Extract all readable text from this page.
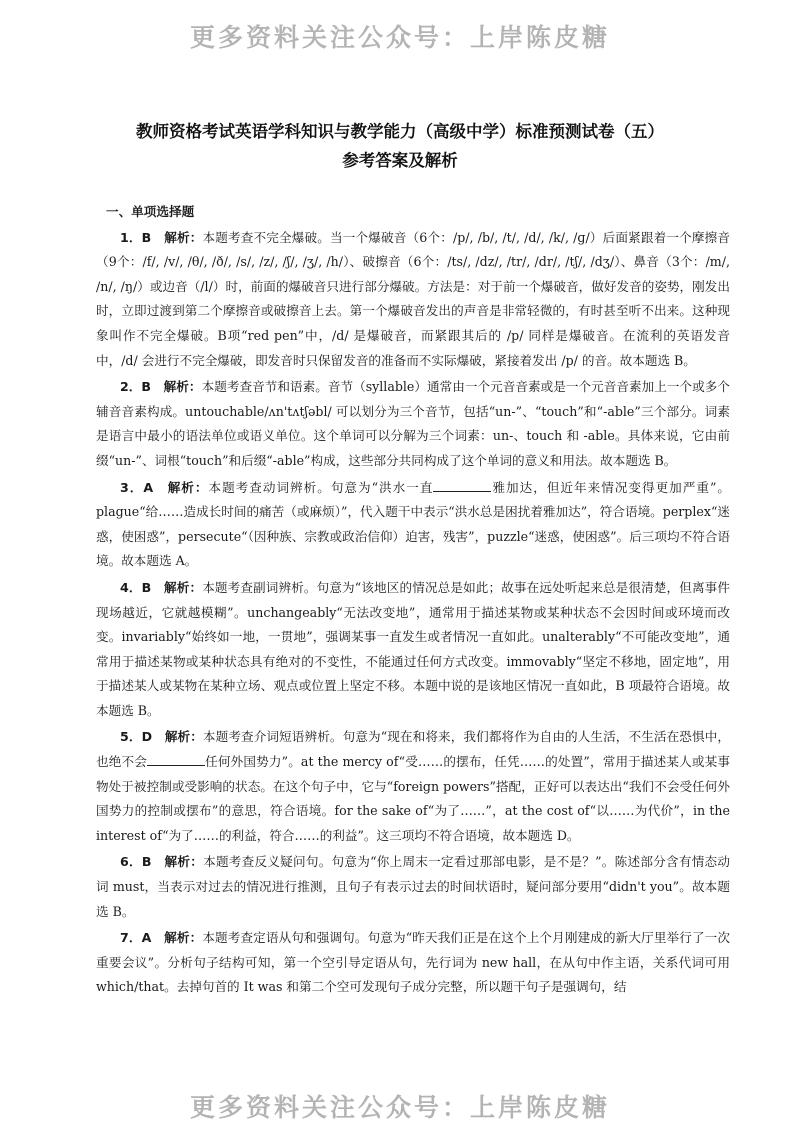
更多资料关注公众号：上岸陈皮糖
教师资格考试英语学科知识与教学能力（高级中学）标准预测试卷（五）
参考答案及解析
一、单项选择题

1．B　解析：本题考查不完全爆破。当一个爆破音（6个：/p/, /b/, /t/, /d/, /k/, /ɡ/）后面紧跟着一个摩擦音（9个：/f/, /v/, /θ/, /ð/, /s/, /z/, /ʃ/, /ʒ/, /h/）、破擦音（6个：/ts/, /dz/, /tr/, /dr/, /tʃ/, /dʒ/）、鼻音（3个：/m/, /n/, /ŋ/）或边音（/l/）时，前面的爆破音只进行部分爆破。方法是：对于前一个爆破音，做好发音的姿势，刚发出时，立即过渡到第二个摩擦音或破擦音上去。第一个爆破音发出的声音是非常轻微的，有时甚至听不出来。这种现象叫作不完全爆破。B项“red pen”中，/d/ 是爆破音，而紧跟其后的 /p/ 同样是爆破音。在流利的英语发音中，/d/ 会进行不完全爆破，即发音时只保留发音的准备而不实际爆破，紧接着发出 /p/ 的音。故本题选 B。

2．B　解析：本题考查音节和语素。音节（syllable）通常由一个元音音素或是一个元音音素加上一个或多个辅音音素构成。untouchable/ʌn'tʌtʃəbl/ 可以划分为三个音节，包括“un-”、“touch”和“-able”三个部分。词素是语言中最小的语法单位或语义单位。这个单词可以分解为三个词素：un-、touch 和 -able。具体来说，它由前缀“un-”、词根“touch”和后缀“-able”构成，这些部分共同构成了这个单词的意义和用法。故本题选 B。

3．A　解析：本题考查动词辨析。句意为“洪水一直	雅加达，但近年来情况变得更加严重”。plague“给……造成长时间的痛苦（或麻烦）”，代入题干中表示“洪水总是困扰着雅加达”，符合语境。perplex“迷惑，使困惑”，persecute“（因种族、宗教或政治信仰）迫害，残害”，puzzle“迷惑，使困惑”。后三项均不符合语境。故本题选 A。

4．B　解析：本题考查副词辨析。句意为“该地区的情况总是如此；故事在远处听起来总是很清楚，但离事件现场越近，它就越模糊”。unchangeably“无法改变地”，通常用于描述某物或某种状态不会因时间或环境而改变。invariably“始终如一地，一贯地”，强调某事一直发生或者情况一直如此。unalterably“不可能改变地”，通常用于描述某物或某种状态具有绝对的不变性，不能通过任何方式改变。immovably“坚定不移地，固定地”，用于描述某人或某物在某种立场、观点或位置上坚定不移。本题中说的是该地区情况一直如此，B 项最符合语境。故本题选 B。

5．D　解析：本题考查介词短语辨析。句意为“现在和将来，我们都将作为自由的人生活，不生活在恐惧中，也绝不会	任何外国势力”。at the mercy of“受……的摆布，任凭……的处置”，常用于描述某人或某事物处于被控制或受影响的状态。在这个句子中，它与“foreign powers”搭配，正好可以表达出“我们不会受任何外国势力的控制或摆布”的意思，符合语境。for the sake of“为了……”，at the cost of“以……为代价”，in the interest of“为了……的利益，符合……的利益”。这三项均不符合语境，故本题选 D。

6．B　解析：本题考查反义疑问句。句意为“你上周末一定看过那部电影，是不是？”。陈述部分含有情态动词 must，当表示对过去的情况进行推测，且句子有表示过去的时间状语时，疑问部分要用“didn't you”。故本题选 B。

7．A　解析：本题考查定语从句和强调句。句意为“昨天我们正是在这个上个月刚建成的新大厅里举行了一次重要会议”。分析句子结构可知，第一个空引导定语从句，先行词为 new hall，在从句中作主语，关系代词可用 which/that。去掉句首的 It was 和第二个空可发现句子成分完整，所以题干句子是强调句，结

更多资料关注公众号：上岸陈皮糖
